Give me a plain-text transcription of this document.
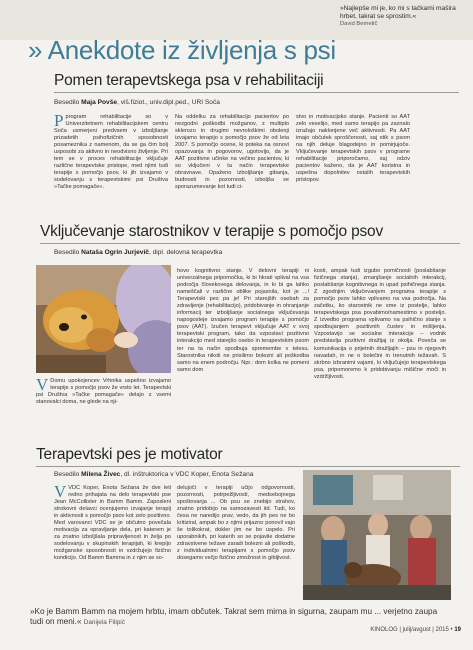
»Najlepše mi je, ko mi s tačkami mašira hrbet, takrat se sprostim.«
David Bemetič
» Anekdote iz življenja s psi
Pomen terapevtskega psa v rehabilitaciji
Besedilo Maja Povše, viš.fiziot., univ.dipl.ped., URI Soča
Pprogram rehabilitacije so v Univerzitetnem rehabilitacijskem centru Soča usmerjeni predvsem v izboljšanje prizadetih psihofizičnih sposobnosti posameznika z namenom, da se ga čim bolj usposobi za aktivno in neodvisno življenje. Pri tem se v proces rehabilitacije vključuje različne terapevtske pristope, med njimi tudi terapije s pomočjo psov, ki jih izvajamo v sodelovanju s terapevtskimi psi Društva »Tačke pomagače«.
Na oddelku za rehabilitacijo pacientov po nezgodni poškodbi možganov, z multiplo sklerozo in drugimi nevrološkimi obolenji izvajamo terapijo s pomočjo psov že od leta 2007. S pomočjo ocene, ki poteka na osnovi opazovanja in pogovorov, ugotovijo, da je AAT pozitivne učinke na večino pacientov, ki so vključeni v ta način terapevtske obravnave. Opaženo izboljšanje gibanja, budnosti in pozornosti, izboljša se sporazumevanje kot tudi ci-
stvo in motivacijsko stanje. Pacienti so AAT zelo veselijo, med samo terapijo pa zaznalo izražajo naklonjene več aktivnosti. Pa AAT imajo občutek sproščenosti, saj stik s psom na njih deluje blagodejno in pomirjujoče. Vključevanje terapevtskih psov v programe rehabilitacije priporočamo, saj odziv pacientov kaženo, da je AAT koristna in uspešna dopolnitev ostalih terapevtskih pristopov.
Vključevanje starostnikov v terapije s pomočjo psov
Besedilo Nataša Ogrin Jurjevič, dipl. delovna terapevtka
V Domu upokojencev Vrhnika uspešno izvajamo terapije s pomočjo psov že vrsto let. Terapevtski psi Društva »Tačke pomagače« delajo z vsemi stanovalci doma, ne glede na nji-
hovo kognitivno stanje. V delovni terapiji ni univerzalnega pripomočka, ki bi hkrati vplival na vsa področja človekovega delovanja, in ki bi ga lahko nameščali v različne oblike pojasnila, kot je ...! Terapevtski pes pa je! Pri starejših osebah za zdravljenje (rehabilitacijo), pridobivanje in ohranjanje informacij ter izboljšanje socialnega vključevanja napogosteje izvajamo program terapije s pomočjo psov (AAT). Izučen terapevt vključuje AAT v svoj terapevtski program, tako da vzpostavi pozitivno interakcijo med starejšo osebo in terapevtskim psom ter na ta način spodbuja spremembe v telesu. Starostnika nikoli ne prisilimo bolezni ali poškodba samo na enem področju. Npr.: dom kolka ne pomeni samo dom
kosti, ampak tudi izgubo pomičnosti (poslabšanje fizičnega stanja), zmanjšanje socialnih interakcij, poslabšanje kognitivnega in upad psihičnega stanja. Z zgodnjim vključevanjem programa terapije s pomočjo psov lahko vplivamo na vsa področja. Na začetku, ko starostnik ne sme iz postelje, lahko terapevtskega psa povabimo/namestimo v posteljo. Z izvedbo programa vplivamo na psihično stanje s spodbujanjem pozitivnih čustev in mišljenja. Vzpostavijo se socialne interakcije – vodnik predstavlja pozitivni dražljaj iz okolja. Poveča se komunikacija o prijetnih dražljajih – psu in njegovih navadah, in ne o bolečini in trenutnih težavah. S skrbno izbranimi vajami, ki vključujejo terapevtskega psa, pripomoremo k pridobivanju mišične moči in vzdržljivosti.
Terapevtski pes je motivator
Besedilo Milena Živec, dl. inštruktorica v VDC Koper, Enota Sežana
VVDC Koper, Enota Sežana že dve leti redno prihajata na delo terapevtski pse Jean McCollister in Bamm Bamm. Zaposleni strokovni delavci ocenjujemo izvajanje terapij in aktivnosti s pomočjo psov kot zelo pozitivno. Med varovanci VDC se je občutno povečala motivacija za opravljanje dela, pri katerem je za znatno izboljšala pripravljenost in želja po sodelovanju v skupinskih terapijah, ki krepijo možganske sposobnosti in vzdržujejo fizično kondicijo. Od Bamm Bamma in z njim se so-
delujoči v terapiji učijo odgovornosti, pozornosti, potrpežljivosti, medsebojnega spoštovanja ... Ob psu se znebijo strahov, znatno pridobijo na samozavesti itd. Tudi, ko česa ne naredijo prav, vedo, da jih pes ne bo kritiziral, ampak bo z njimi prijazno ponovil vajo še tolikokrat, dokler jim ne bo uspelo. Pri uporabnikih, pri katerih so se pojavile dodatne zdravstvene težave zaradi bolezni ali poškodb, z individualnimi terapijami s pomočjo psov dosegamo večjo fizično zmožnost in gibljivost.
»Ko je Bamm Bamm na mojem hrbtu, imam občutek. Takrat sem mirna in sigurna, zaupam mu ... verjetno zaupa tudi on meni.« Danijela Filipič
KINOLOG | julij/avgust | 2015 • 19
